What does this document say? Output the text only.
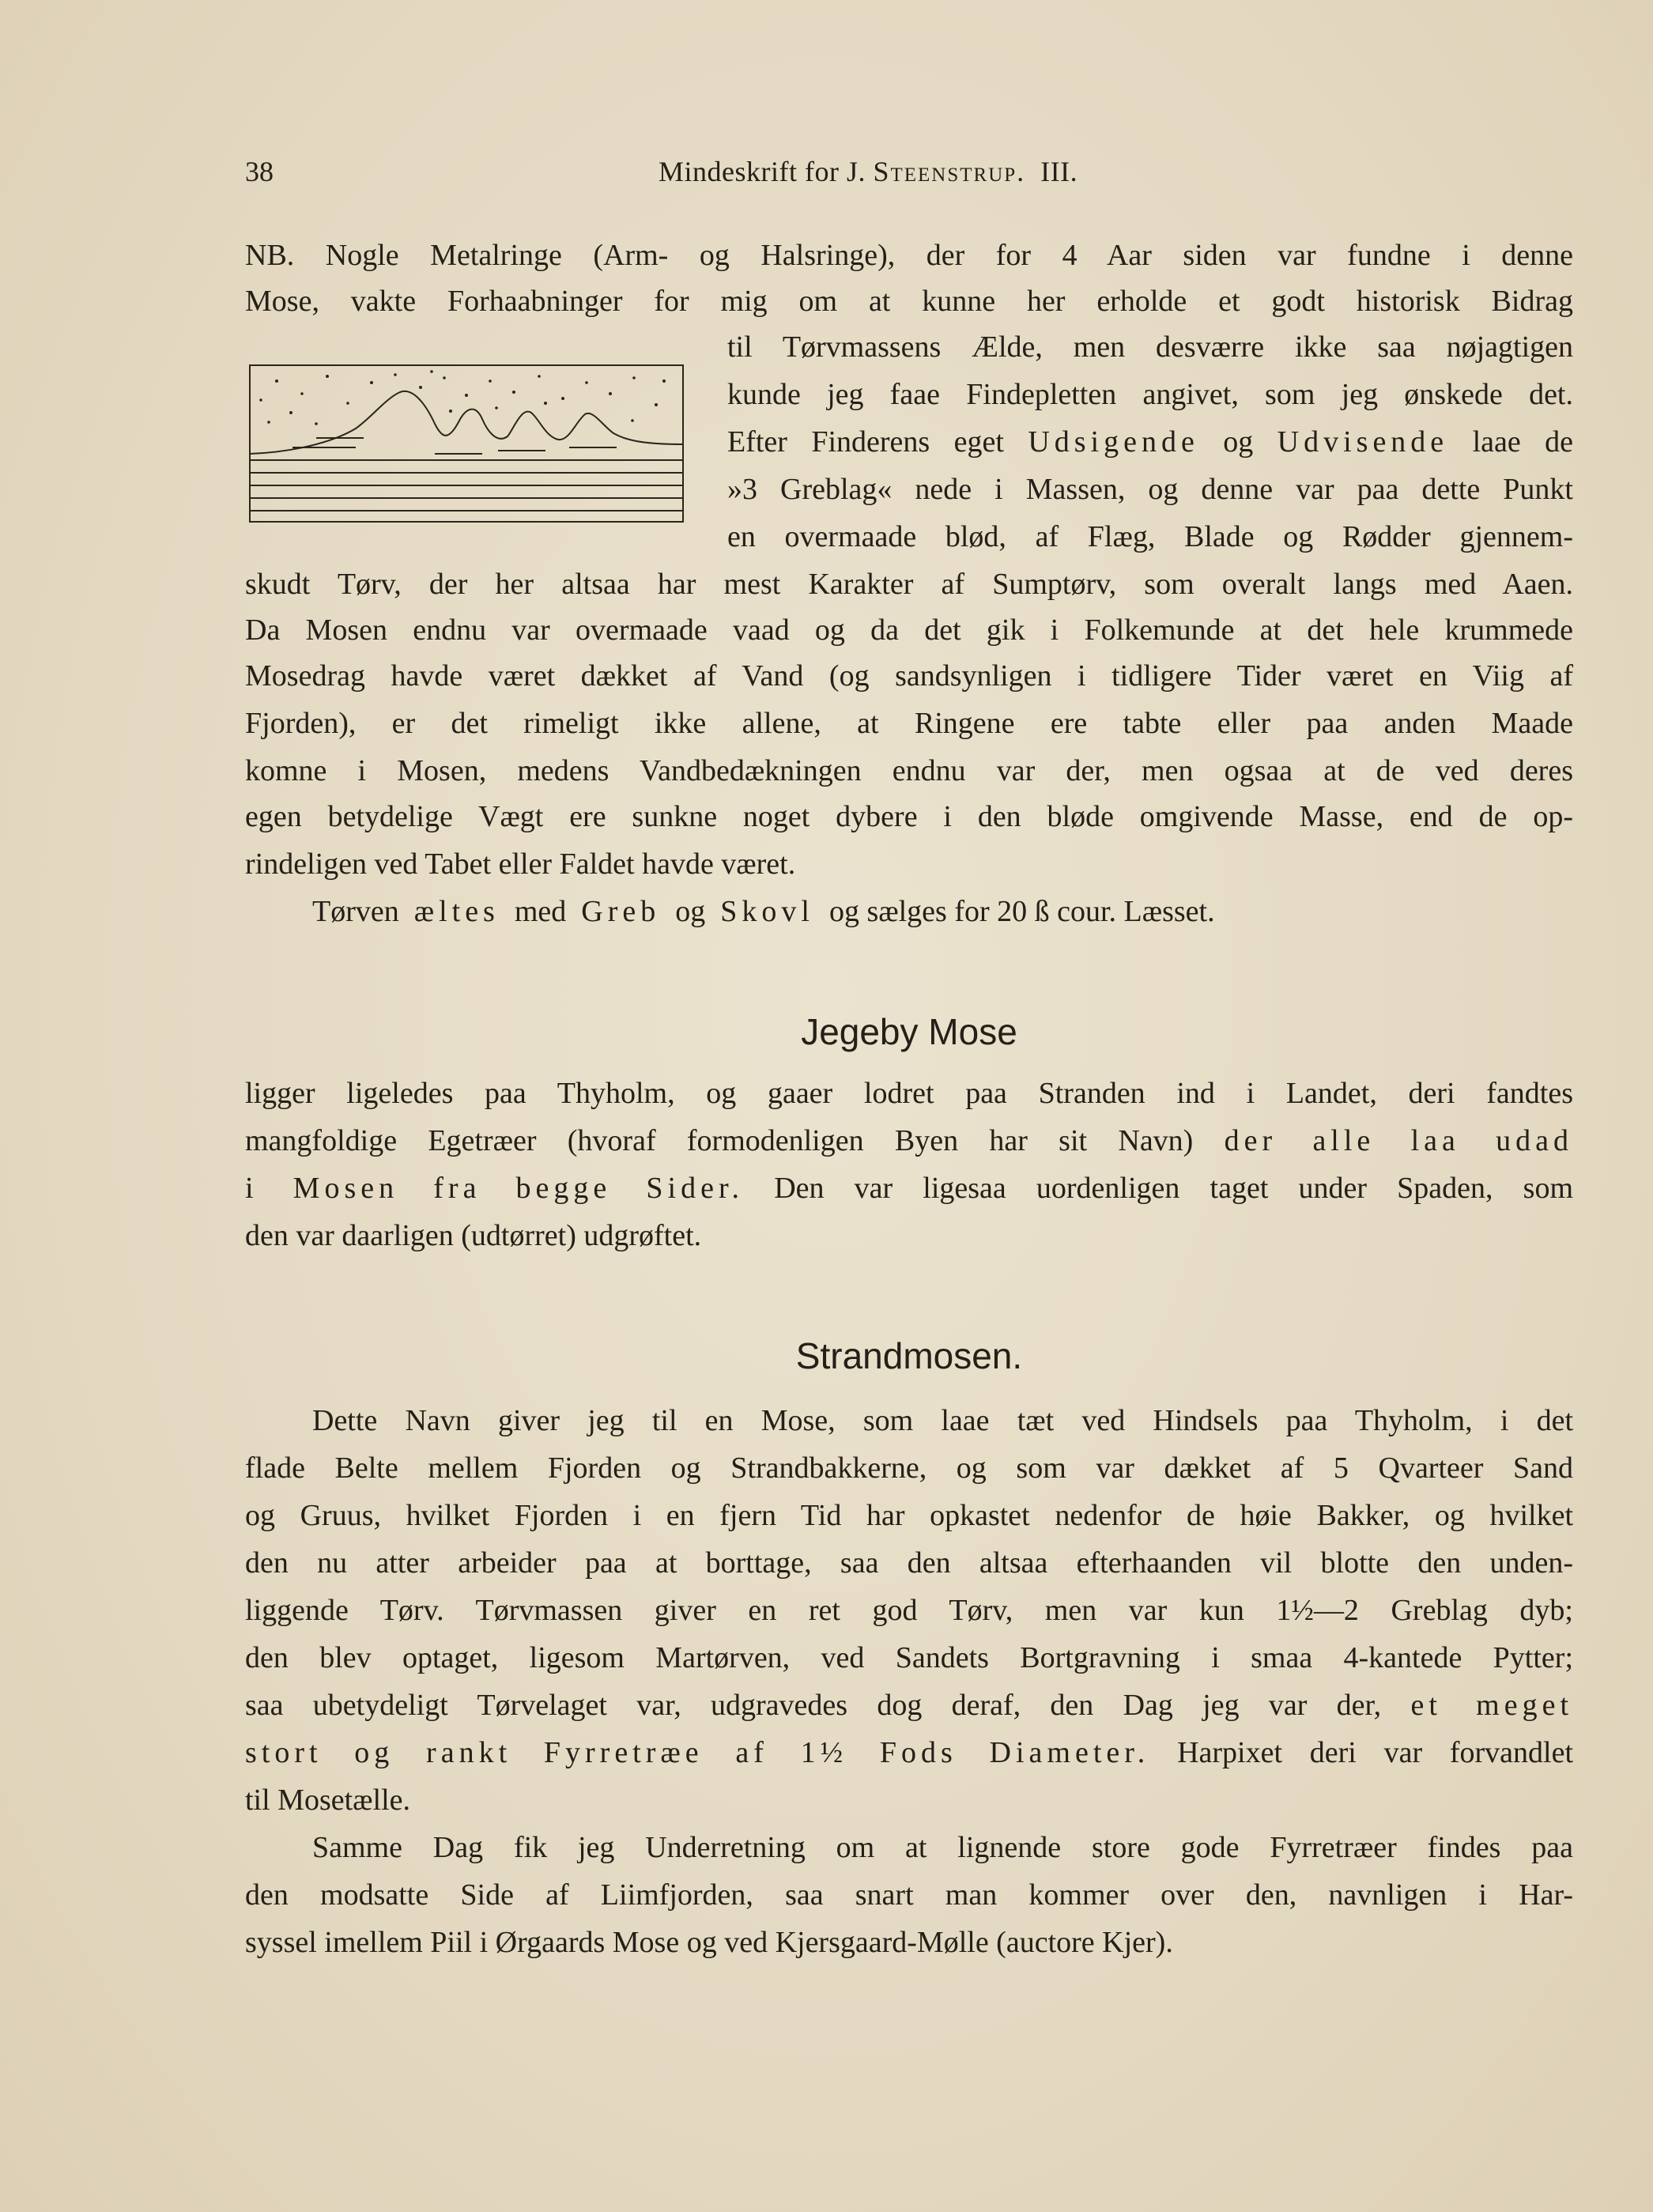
38	Mindeskrift for J. Steenstrup. III.
NB. Nogle Metalringe (Arm- og Halsringe), der for 4 Aar siden var fundne i denne
Mose, vakte Forhaabninger for mig om at kunne her erholde et godt historisk Bidrag
til Tørvmassens Ælde, men desværre ikke saa nøjagtigen
kunde jeg faae Findepletten angivet, som jeg ønskede det.
Efter Finderens eget Udsigende og Udvisende laae de
»3 Greblag« nede i Massen, og denne var paa dette Punkt
en overmaade blød, af Flæg, Blade og Rødder gjennem-
skudt Tørv, der her altsaa har mest Karakter af Sumptørv, som overalt langs med Aaen.
Da Mosen endnu var overmaade vaad og da det gik i Folkemunde at det hele krummede
Mosedrag havde været dækket af Vand (og sandsynligen i tidligere Tider været en Viig af
Fjorden), er det rimeligt ikke allene, at Ringene ere tabte eller paa anden Maade
komne i Mosen, medens Vandbedækningen endnu var der, men ogsaa at de ved deres
egen betydelige Vægt ere sunkne noget dybere i den bløde omgivende Masse, end de op-
rindeligen ved Tabet eller Faldet havde været.
Tørven æltes med Greb og Skovl og sælges for 20 ß cour. Læsset.
Jegeby Mose
ligger ligeledes paa Thyholm, og gaaer lodret paa Stranden ind i Landet, deri fandtes
mangfoldige Egetræer (hvoraf formodenligen Byen har sit Navn) der alle laa udad
i Mosen fra begge Sider. Den var ligesaa uordenligen taget under Spaden, som
den var daarligen (udtørret) udgrøftet.
Strandmosen.
Dette Navn giver jeg til en Mose, som laae tæt ved Hindsels paa Thyholm, i det
flade Belte mellem Fjorden og Strandbakkerne, og som var dækket af 5 Qvarteer Sand
og Gruus, hvilket Fjorden i en fjern Tid har opkastet nedenfor de høie Bakker, og hvilket
den nu atter arbeider paa at borttage, saa den altsaa efterhaanden vil blotte den unden-
liggende Tørv. Tørvmassen giver en ret god Tørv, men var kun 1½—2 Greblag dyb;
den blev optaget, ligesom Martørven, ved Sandets Bortgravning i smaa 4-kantede Pytter;
saa ubetydeligt Tørvelaget var, udgravedes dog deraf, den Dag jeg var der, et meget
stort og rankt Fyrretræe af 1½ Fods Diameter. Harpixet deri var forvandlet
til Mosetælle.
Samme Dag fik jeg Underretning om at lignende store gode Fyrretræer findes paa
den modsatte Side af Liimfjorden, saa snart man kommer over den, navnligen i Har-
syssel imellem Piil i Ørgaards Mose og ved Kjersgaard-Mølle (auctore Kjer).
